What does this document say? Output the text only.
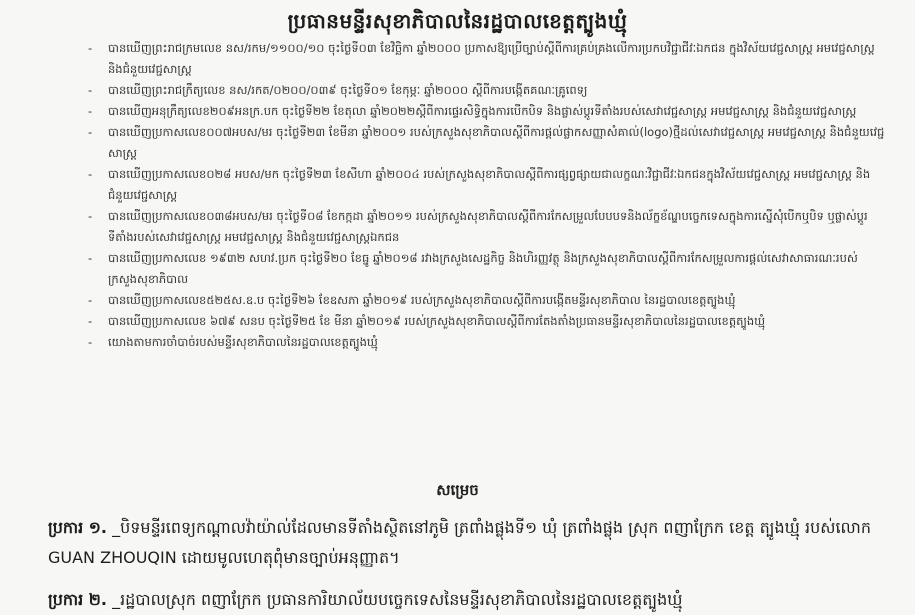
ប្រធានមន្ទីរសុខាភិបាលនៃរដ្ឋបាលខេត្តត្បូងឃ្មុំ
-	បានឃើញព្រះរាជក្រមលេខ នស/រកម/១១០០/១០ ចុះថ្ងៃទី០៣ ខែវិច្ឆិកា ឆ្នាំ២០០០ ប្រកាសឱ្យប្រើច្បាប់ស្តីពីការគ្រប់គ្រងលើការប្រកបវិជ្ជាជីវៈឯកជន ក្នុងវិស័យវេជ្ជសាស្ត្រ អមវេជ្ជសាស្ត្រ និងជំនួយវេជ្ជសាស្ត្រ
-	បានឃើញព្រះរាជក្រឹត្យលេខ នស/រកត/០២០០/០៣៩ ចុះថ្ងៃទី០១ ខែកុម្ភៈ ឆ្នាំ២០០០ ស្តីពីការបង្កើតគណៈគ្រូពេទ្យ
-	បានឃើញអនុក្រឹត្យលេខ២០៩អនក្រ.បក ចុះថ្ងៃទី២២ ខែតុលា ឆ្នាំ២០២២ស្តីពីការផ្ទេរសិទ្ធិក្នុងការបើកបិទ និងផ្លាស់ប្តូរទីតាំងរបស់សេវាវេជ្ជសាស្ត្រ អមវេជ្ជសាស្ត្រ និងជំនួយវេជ្ជសាស្ត្រ
-	បានឃើញប្រកាសលេខ០០៧អបស/មរ ចុះថ្ងៃទី២៣ ខែមីនា ឆ្នាំ២០០១ របស់ក្រសួងសុខាភិបាលស្តីពីការផ្តល់ផ្លាកសញ្ញាសំគាល់(logo)ថ្មីដល់សេវាវេជ្ជសាស្ត្រ អមវេជ្ជសាស្ត្រ និងជំនួយវេជ្ជសាស្ត្រ
-	បានឃើញប្រកាសលេខ០២៨ អបស/មក ចុះថ្ងៃទី២៣ ខែសីហា ឆ្នាំ២០០៤ របស់ក្រសួងសុខាភិបាលស្តីពីការផ្សព្វផ្សាយជាលក្ខណៈវិជ្ជាជីវៈឯកជនក្នុងវិស័យវេជ្ជសាស្ត្រ អមវេជ្ជសាស្ត្រ និងជំនួយវេជ្ជសាស្ត្រ
-	បានឃើញប្រកាសលេខ០៣៨អបស/មរ ចុះថ្ងៃទី០៨ ខែកក្កដា ឆ្នាំ២០១១ របស់ក្រសួងសុខាភិបាលស្តីពីការកែសម្រួលបែបបទនិងល័ក្ខខ័ណ្ឌបច្ចេកទេសក្នុងការស្នើសុំបើកឬបិទ ឬផ្លាស់ប្តូរទីតាំងរបស់សេវាវេជ្ជសាស្ត្រ អមវេជ្ជសាស្ត្រ និងជំនួយវេជ្ជសាស្ត្រឯកជន
-	បានឃើញប្រកាសលេខ ១៩៣២ សហវ.ប្រក ចុះថ្ងៃទី២០ ខែធ្នូ ឆ្នាំ២០១៨ រវាងក្រសួងសេដ្ឋកិច្ច និងហិរញ្ញវត្ថុ និងក្រសួងសុខាភិបាលស្តីពីការកែសម្រួលការផ្តល់សេវាសាធារណៈរបស់ ក្រសួងសុខាភិបាល
-	បានឃើញប្រកាសលេខ៥២៥ស.ឧ.ប ចុះថ្ងៃទី២៦ ខែឧសភា ឆ្នាំ២០១៩ របស់ក្រសួងសុខាភិបាលស្តីពីការបង្កើតមន្ទីរសុខាភិបាល នៃរដ្ឋបាលខេត្តត្បូងឃ្មុំ
-	បានឃើញប្រកាសលេខ ៦៧៩ សនប ចុះថ្ងៃទី២៥ ខែ មីនា ឆ្នាំ២០១៩ របស់ក្រសួងសុខាភិបាលស្តីពីការតែងតាំងប្រធានមន្ទីរសុខាភិបាលនៃរដ្ឋបាលខេត្តត្បូងឃ្មុំ
-	យោងតាមការចាំបាច់របស់មន្ទីរសុខាភិបាលនៃរដ្ឋបាលខេត្តត្បូងឃ្មុំ
សម្រេច
ប្រការ ១. _បិទមន្ទីរពេទ្យកណ្តាលវ៉ាយ៉ាល់ដែលមានទីតាំងស្ថិតនៅភូមិ ត្រពាំងផ្លុងទី១ ឃុំ ត្រពាំងផ្លុង ស្រុក ពញាក្រែក ខេត្ត ត្បូងឃ្មុំ របស់លោក GUAN ZHOUQIN ដោយមូលហេតុពុំមានច្បាប់អនុញ្ញាត។
ប្រការ ២. _រដ្ឋបាលស្រុក ពញាក្រែក ប្រធានការិយាល័យបច្ចេកទេសនៃមន្ទីរសុខាភិបាលនៃរដ្ឋបាលខេត្តត្បូងឃ្មុំ
